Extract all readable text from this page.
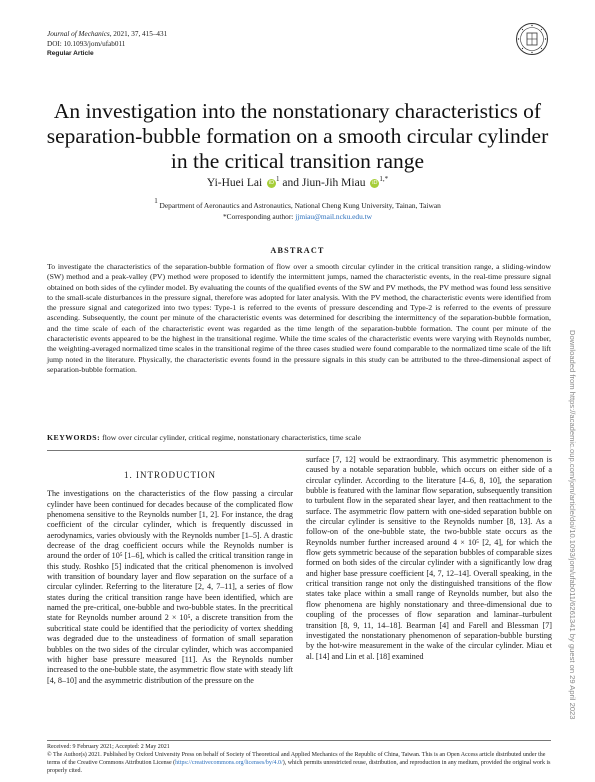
Journal of Mechanics, 2021, 37, 415–431
DOI: 10.1093/jom/ufab011
Regular Article
An investigation into the nonstationary characteristics of separation-bubble formation on a smooth circular cylinder in the critical transition range
Yi-Huei Lai iD $^1$ and Jiun-Jih Miau iD $^{1,*}$
1 Department of Aeronautics and Astronautics, National Cheng Kung University, Tainan, Taiwan
*Corresponding author: jjmiau@mail.ncku.edu.tw
ABSTRACT
To investigate the characteristics of the separation-bubble formation of flow over a smooth circular cylinder in the critical transition range, a sliding-window (SW) method and a peak-valley (PV) method were proposed to identify the intermittent jumps, named the characteristic events, in the real-time pressure signal obtained on both sides of the cylinder model. By evaluating the counts of the qualified events of the SW and PV methods, the PV method was found less sensitive to the small-scale disturbances in the pressure signal, therefore was adopted for later analysis. With the PV method, the characteristic events were identified from the pressure signal and categorized into two types: Type-1 is referred to the events of pressure descending and Type-2 is referred to the events of pressure ascending. Subsequently, the count per minute of the characteristic events was determined for describing the intermittency of the separation-bubble formation, and the time scale of each of the characteristic event was regarded as the time length of the separation-bubble formation. The count per minute of the characteristic events appeared to be the highest in the transitional regime. While the time scales of the characteristic events were varying with Reynolds number, the weighting-averaged normalized time scales in the transitional regime of the three cases studied were found comparable to the normalized time scale of the lift jump noted in the literature. Physically, the characteristic events found in the pressure signals in this study can be attributed to the three-dimensional aspect of separation-bubble formation.
KEYWORDS: flow over circular cylinder, critical regime, nonstationary characteristics, time scale
1. INTRODUCTION

The investigations on the characteristics of the flow passing a circular cylinder have been continued for decades because of the complicated flow phenomena sensitive to the Reynolds number [1, 2]. For instance, the drag coefficient of the circular cylinder, which is frequently discussed in aerodynamics, varies obviously with the Reynolds number [1–5]. A drastic decrease of the drag coefficient occurs while the Reynolds number is around the order of 10⁵ [1–6], which is called the critical transition range in this study. Roshko [5] indicated that the critical phenomenon is involved with transition of boundary layer and flow separation on the surface of a circular cylinder. Referring to the literature [2, 4, 7–11], a series of flow states during the critical transition range have been identified, which are named the pre-critical, one-bubble and two-bubble states. In the precritical state for Reynolds number around 2 × 10⁵, a discrete transition from the subcritical state could be identified that the periodicity of vortex shedding was degraded due to the unsteadiness of formation of small separation bubbles on the two sides of the circular cylinder, which was accompanied with higher base pressure measured [11]. As the Reynolds number increased to the one-bubble state, the asymmetric flow state with steady lift [4, 8–10] and the asymmetric distribution of the pressure on the

surface [7, 12] would be extraordinary. This asymmetric phenomenon is caused by a notable separation bubble, which occurs on either side of a circular cylinder. According to the literature [4–6, 8, 10], the separation bubble is featured with the laminar flow separation, subsequently transition to turbulent flow in the separated shear layer, and then reattachment to the surface. The asymmetric flow pattern with one-sided separation bubble on the circular cylinder is sensitive to the Reynolds number [8, 13]. As a follow-on of the one-bubble state, the two-bubble state occurs as the Reynolds number further increased around 4 × 10⁵ [2, 4], for which the flow gets symmetric because of the separation bubbles of comparable sizes formed on both sides of the circular cylinder with a significantly low drag and higher base pressure coefficient [4, 7, 12–14]. Overall speaking, in the critical transition range not only the distinguished transitions of the flow states take place within a small range of Reynolds number, but also the flow phenomena are highly nonstationary and three-dimensional due to coupling of the processes of flow separation and laminar–turbulent transition [8, 9, 11, 14–18]. Bearman [4] and Farell and Blessman [7] investigated the nonstationary phenomenon of separation-bubble bursting by the hot-wire measurement in the wake of the circular cylinder. Miau et al. [14] and Lin et al. [18] examined

Received: 9 February 2021; Accepted: 2 May 2021
© The Author(s) 2021. Published by Oxford University Press on behalf of Society of Theoretical and Applied Mechanics of the Republic of China, Taiwan. This is an Open Access article distributed under the terms of the Creative Commons Attribution License (https://creativecommons.org/licenses/by/4.0/), which permits unrestricted reuse, distribution, and reproduction in any medium, provided the original work is properly cited.
Downloaded from https://academic.oup.com/jom/article/doi/10.1093/jom/ufab011/6261341 by guest on 29 April 2023
